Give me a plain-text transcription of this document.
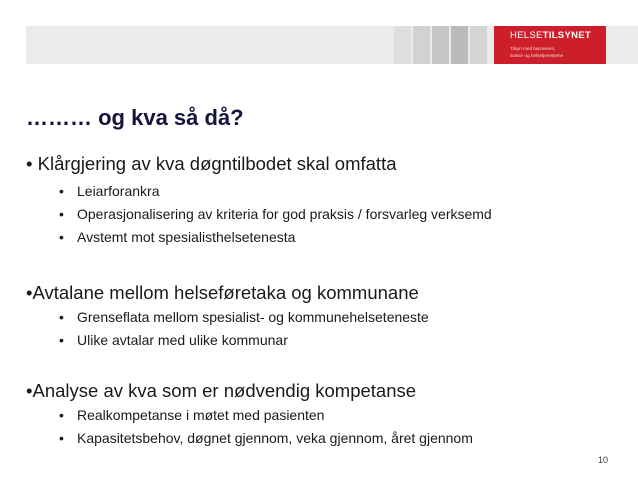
HELSETILSYNET
Tilsyn med barnevern,
sosial- og helsetjenestene
……… og kva så då?
• Klårgjering av kva døgntilbodet skal omfatta
• Leiarforankra
• Operasjonalisering av kriteria for god praksis / forsvarleg verksemd
• Avstemt mot spesialisthelsetenesta
•Avtalane mellom helseføretaka og kommunane
• Grenseflata mellom spesialist- og kommunehelseteneste
• Ulike avtalar med ulike kommunar
•Analyse av kva som er nødvendig kompetanse
• Realkompetanse i møtet med pasienten
• Kapasitetsbehov, døgnet gjennom, veka gjennom, året gjennom
10
